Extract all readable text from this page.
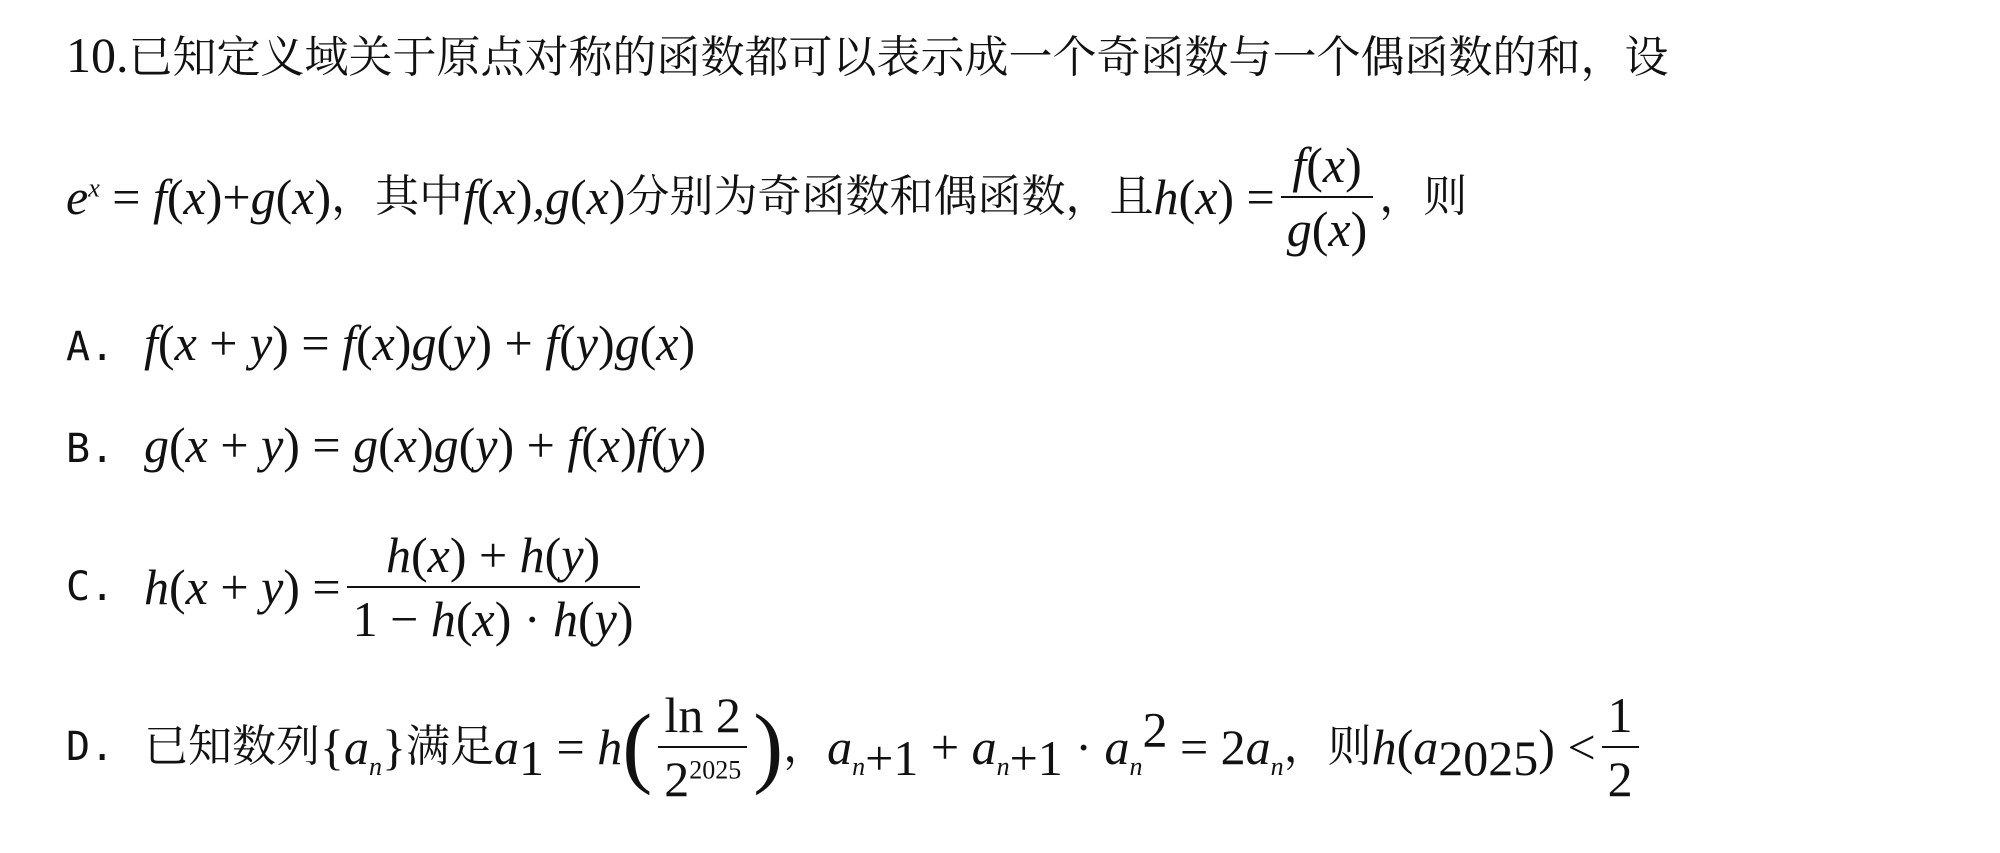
10.已知定义域关于原点对称的函数都可以表示成一个奇函数与一个偶函数的和，设
$e^x = f(x)+g(x)$，其中f(x),g(x)分别为奇函数和偶函数，且$h(x) = \frac{f(x)}{g(x)}$ ，则
A. f(x + y) = f(x)g(y) + f(y)g(x)
B. g(x + y) = g(x)g(y) + f(x)f(y)
C. $h(x + y) = \frac{h(x) + h(y)}{1 - h(x) \cdot h(y)}$
D. 已知数列$\{a_n\}$满足$a_1 = h( \frac{\ln 2}{2^{2025}}$ )，$a_{n+1} + a_{n+1} \cdot a_n^2 = 2a_n$，则$h(a_{2025}) < \frac{1}{2}$
